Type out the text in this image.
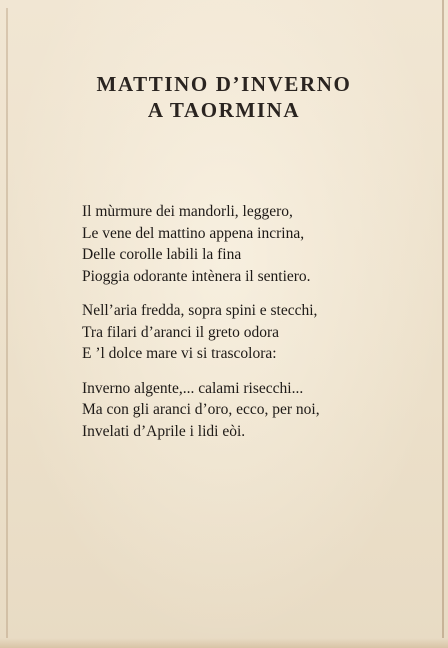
MATTINO D’INVERNO
A TAORMINA

Il mùrmure dei mandorli, leggero,
Le vene del mattino appena incrina,
Delle corolle labili la fina
Pioggia odorante intènera il sentiero.

Nell’aria fredda, sopra spini e stecchi,
Tra filari d’aranci il greto odora
E ’l dolce mare vi si trascolora:

Inverno algente,... calami risecchi...
Ma con gli aranci d’oro, ecco, per noi,
Invelati d’Aprile i lidi eòi.
